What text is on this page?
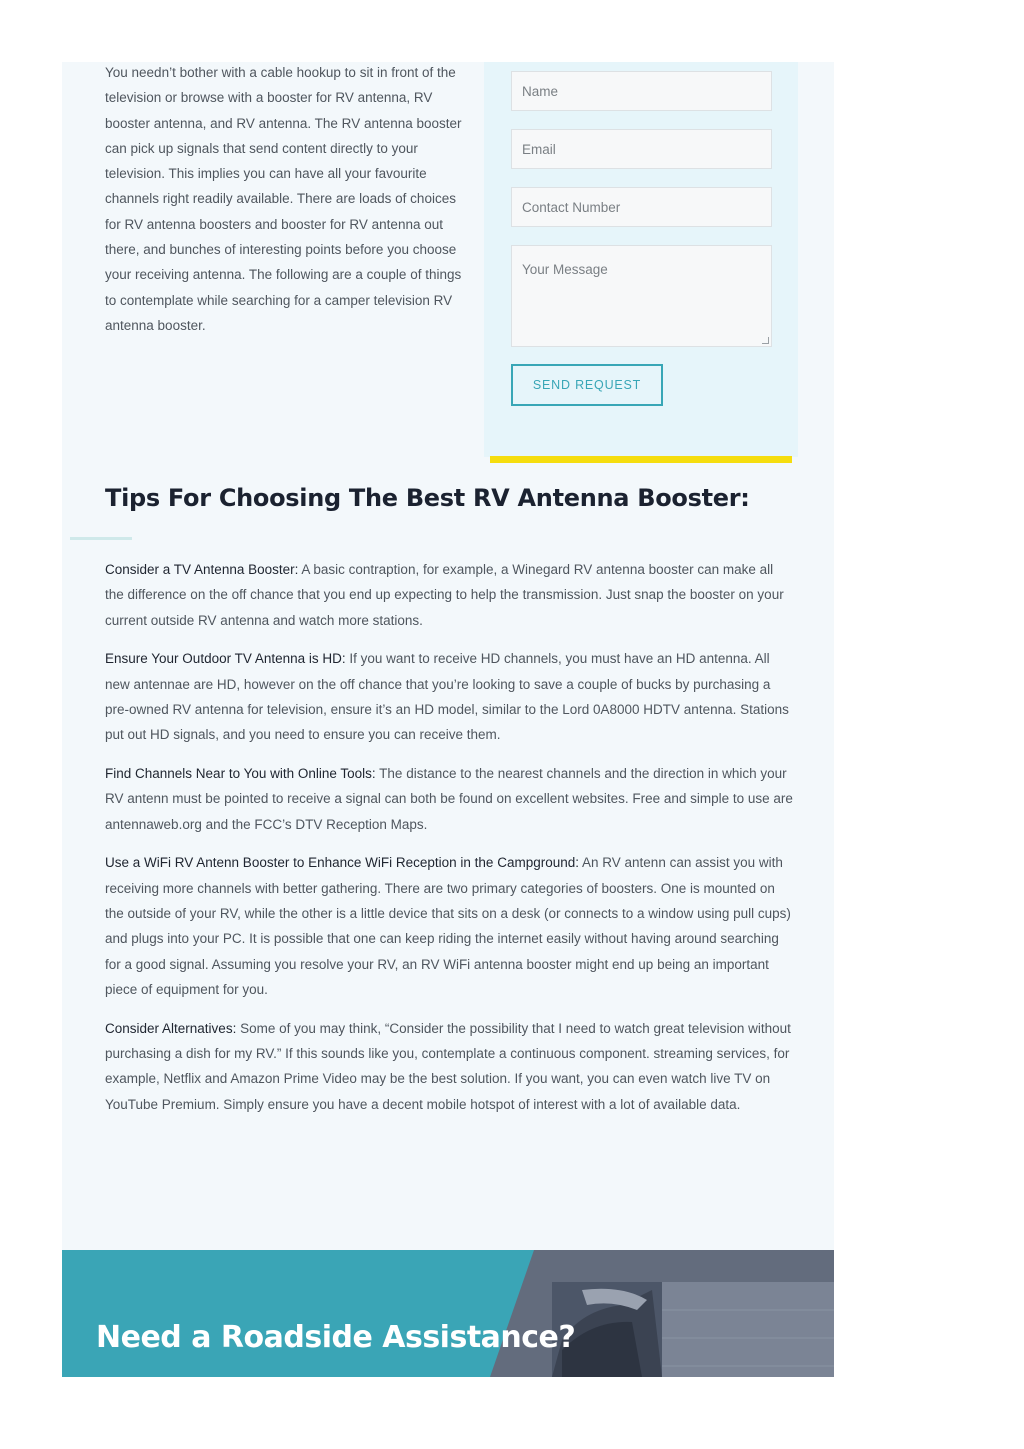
You needn’t bother with a cable hookup to sit in front of the television or browse with a booster for RV antenna, RV booster antenna, and RV antenna. The RV antenna booster can pick up signals that send content directly to your television. This implies you can have all your favourite channels right readily available. There are loads of choices for RV antenna boosters and booster for RV antenna out there, and bunches of interesting points before you choose your receiving antenna. The following are a couple of things to contemplate while searching for a camper television RV antenna booster.

Name
Email
Contact Number
Your Message
SEND REQUEST
Tips For Choosing The Best RV Antenna Booster:

Consider a TV Antenna Booster: A basic contraption, for example, a Winegard RV antenna booster can make all the difference on the off chance that you end up expecting to help the transmission. Just snap the booster on your current outside RV antenna and watch more stations.

Ensure Your Outdoor TV Antenna is HD: If you want to receive HD channels, you must have an HD antenna. All new antennae are HD, however on the off chance that you’re looking to save a couple of bucks by purchasing a pre-owned RV antenna for television, ensure it’s an HD model, similar to the Lord 0A8000 HDTV antenna. Stations put out HD signals, and you need to ensure you can receive them.

Find Channels Near to You with Online Tools: The distance to the nearest channels and the direction in which your RV antenn must be pointed to receive a signal can both be found on excellent websites. Free and simple to use are antennaweb.org and the FCC’s DTV Reception Maps.

Use a WiFi RV Antenn Booster to Enhance WiFi Reception in the Campground: An RV antenn can assist you with receiving more channels with better gathering. There are two primary categories of boosters. One is mounted on the outside of your RV, while the other is a little device that sits on a desk (or connects to a window using pull cups) and plugs into your PC. It is possible that one can keep riding the internet easily without having around searching for a good signal. Assuming you resolve your RV, an RV WiFi antenna booster might end up being an important piece of equipment for you.

Consider Alternatives: Some of you may think, “Consider the possibility that I need to watch great television without purchasing a dish for my RV.” If this sounds like you, contemplate a continuous component. streaming services, for example, Netflix and Amazon Prime Video may be the best solution. If you want, you can even watch live TV on YouTube Premium. Simply ensure you have a decent mobile hotspot of interest with a lot of available data.

Need a Roadside Assistance?
